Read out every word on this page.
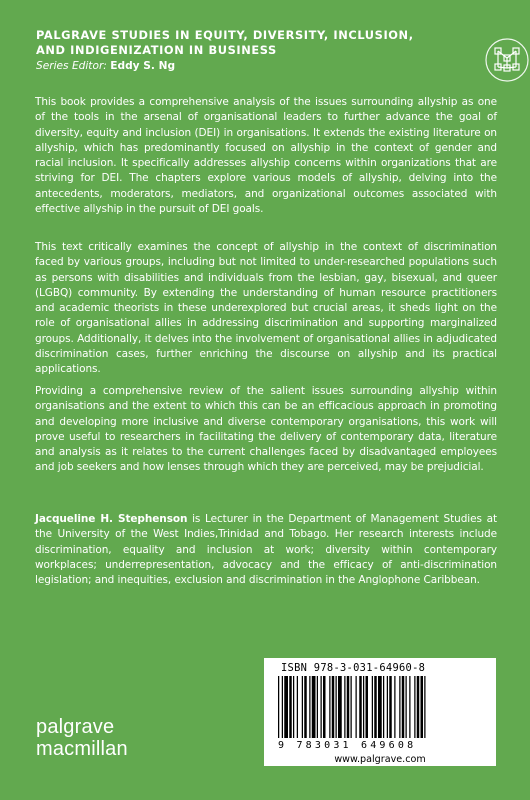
PALGRAVE STUDIES IN EQUITY, DIVERSITY, INCLUSION, AND INDIGENIZATION IN BUSINESS
Series Editor: Eddy S. Ng

This book provides a comprehensive analysis of the issues surrounding allyship as one of the tools in the arsenal of organisational leaders to further advance the goal of diversity, equity and inclusion (DEI) in organisations. It extends the existing literature on allyship, which has predominantly focused on allyship in the context of gender and racial inclusion. It specifically addresses allyship concerns within organizations that are striving for DEI. The chapters explore various models of allyship, delving into the antecedents, moderators, mediators, and organizational outcomes associated with effective allyship in the pursuit of DEI goals.

This text critically examines the concept of allyship in the context of discrimination faced by various groups, including but not limited to under-researched populations such as persons with disabilities and individuals from the lesbian, gay, bisexual, and queer (LGBQ) community. By extending the understanding of human resource practitioners and academic theorists in these underexplored but crucial areas, it sheds light on the role of organisational allies in addressing discrimination and supporting marginalized groups. Additionally, it delves into the involvement of organisational allies in adjudicated discrimination cases, further enriching the discourse on allyship and its practical applications.

Providing a comprehensive review of the salient issues surrounding allyship within organisations and the extent to which this can be an efficacious approach in promoting and developing more inclusive and diverse contemporary organisations, this work will prove useful to researchers in facilitating the delivery of contemporary data, literature and analysis as it relates to the current challenges faced by disadvantaged employees and job seekers and how lenses through which they are perceived, may be prejudicial.

Jacqueline H. Stephenson is Lecturer in the Department of Management Studies at the University of the West Indies,Trinidad and Tobago. Her research interests include discrimination, equality and inclusion at work; diversity within contemporary workplaces; underrepresentation, advocacy and the efficacy of anti-discrimination legislation; and inequities, exclusion and discrimination in the Anglophone Caribbean.

ISBN 978-3-031-64960-8
9 783031 649608
www.palgrave.com
palgrave
macmillan
